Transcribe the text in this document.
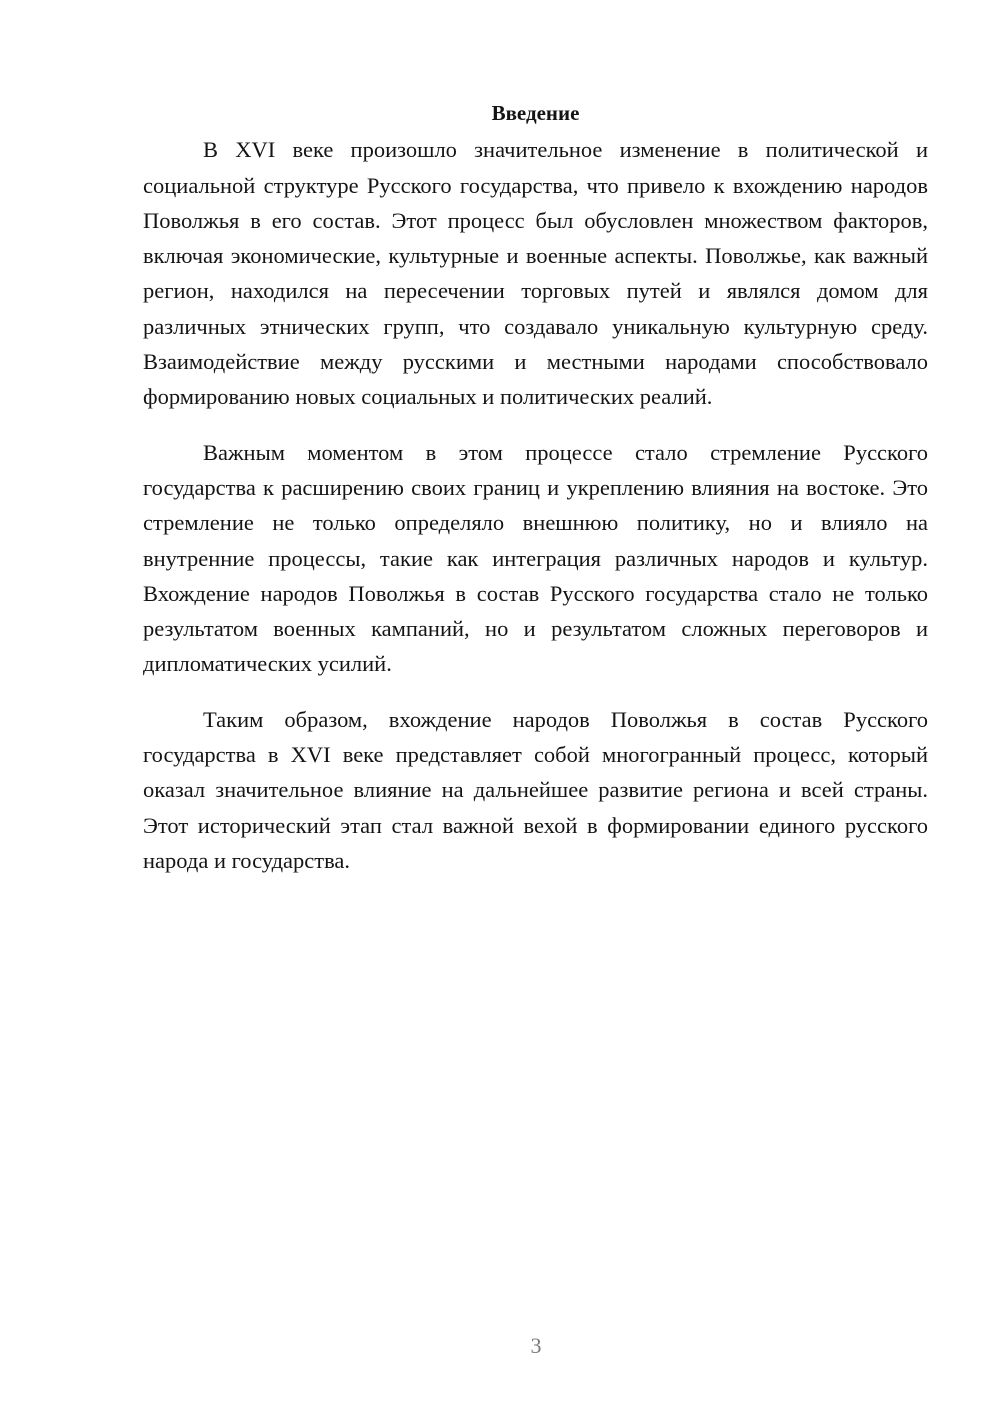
Введение

В XVI веке произошло значительное изменение в политической и социальной структуре Русского государства, что привело к вхождению народов Поволжья в его состав. Этот процесс был обусловлен множеством факторов, включая экономические, культурные и военные аспекты. Поволжье, как важный регион, находился на пересечении торговых путей и являлся домом для различных этнических групп, что создавало уникальную культурную среду. Взаимодействие между русскими и местными народами способствовало формированию новых социальных и политических реалий.

Важным моментом в этом процессе стало стремление Русского государства к расширению своих границ и укреплению влияния на востоке. Это стремление не только определяло внешнюю политику, но и влияло на внутренние процессы, такие как интеграция различных народов и культур. Вхождение народов Поволжья в состав Русского государства стало не только результатом военных кампаний, но и результатом сложных переговоров и дипломатических усилий.

Таким образом, вхождение народов Поволжья в состав Русского государства в XVI веке представляет собой многогранный процесс, который оказал значительное влияние на дальнейшее развитие региона и всей страны. Этот исторический этап стал важной вехой в формировании единого русского народа и государства.

3
